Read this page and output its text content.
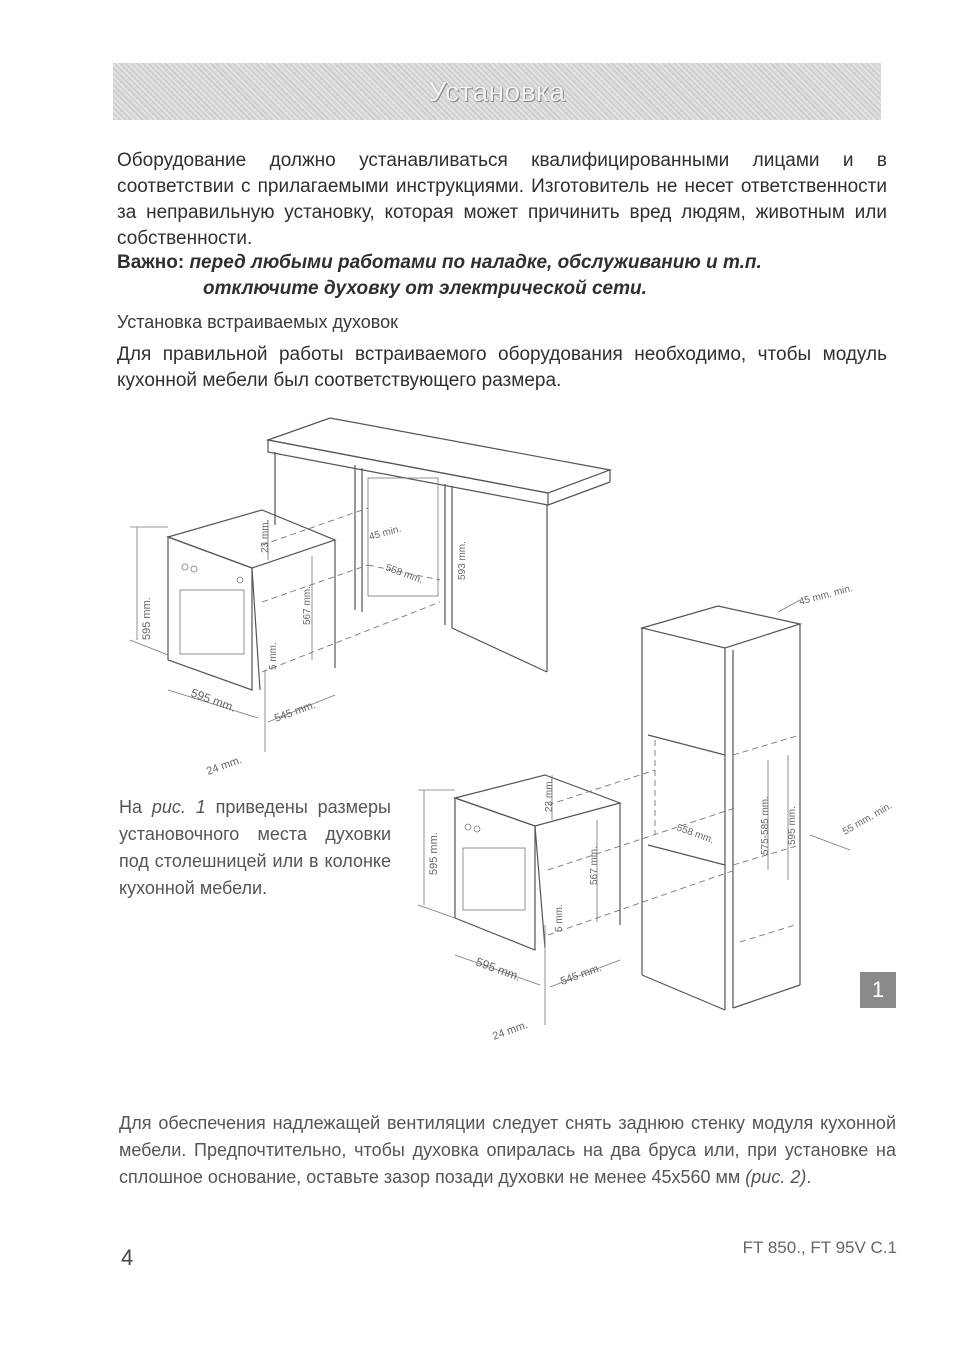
Установка

Оборудование должно устанавливаться квалифицированными лицами и в соответствии с прилагаемыми инструкциями. Изготовитель не несет ответственности за неправильную установку, которая может причинить вред людям, животным или собственности.

Важно: перед любыми работами по наладке, обслуживанию и т.п.
отключите духовку от электрической сети.
Установка встраиваемых духовок

Для правильной работы встраиваемого оборудования необходимо, чтобы модуль кухонной мебели был соответствующего размера.

595 mm.
595 mm.	545 mm.
24 mm.
23 mm.
567 mm.
5 mm.
45 min.
558 mm.	593 mm.
45 mm. min.
23 mm.
595 mm.	567 mm.
5 mm.
558 mm.	575-585 mm. 595 mm.	55 mm. min.
595 mm.	545 mm.
24 mm.

На рис. 1 приведены размеры установочного места духовки под столешницей или в колонке кухонной мебели.

1

Для обеспечения надлежащей вентиляции следует снять заднюю стенку модуля кухонной мебели. Предпочтительно, чтобы духовка опиралась на два бруса или, при установке на сплошное основание, оставьте зазор позади духовки не менее 45x560 мм (рис. 2).

4	FT 850., FT 95V C.1
